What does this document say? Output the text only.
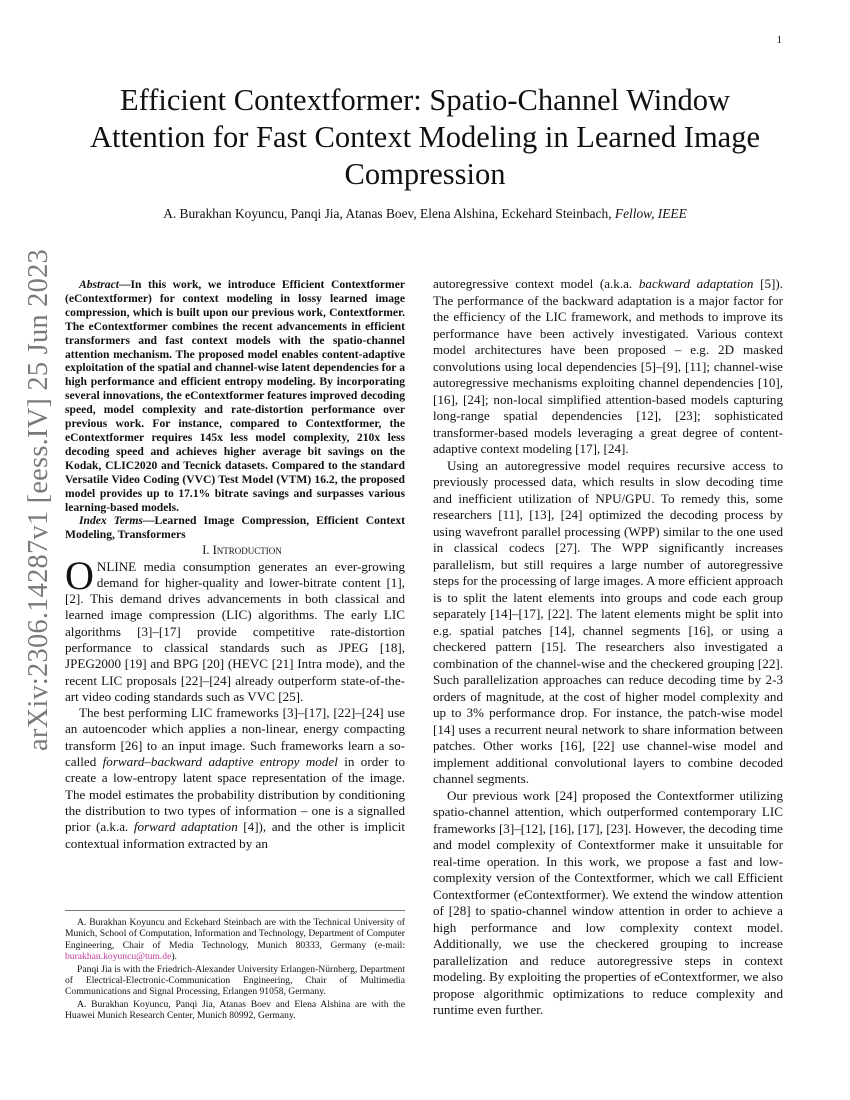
1
arXiv:2306.14287v1 [eess.IV] 25 Jun 2023
Efficient Contextformer: Spatio-Channel Window Attention for Fast Context Modeling in Learned Image Compression
A. Burakhan Koyuncu, Panqi Jia, Atanas Boev, Elena Alshina, Eckehard Steinbach, Fellow, IEEE

Abstract—In this work, we introduce Efficient Contextformer (eContextformer) for context modeling in lossy learned image compression, which is built upon our previous work, Contextformer. The eContextformer combines the recent advancements in efficient transformers and fast context models with the spatio-channel attention mechanism. The proposed model enables content-adaptive exploitation of the spatial and channel-wise latent dependencies for a high performance and efficient entropy modeling. By incorporating several innovations, the eContextformer features improved decoding speed, model complexity and rate-distortion performance over previous work. For instance, compared to Contextformer, the eContextformer requires 145x less model complexity, 210x less decoding speed and achieves higher average bit savings on the Kodak, CLIC2020 and Tecnick datasets. Compared to the standard Versatile Video Coding (VVC) Test Model (VTM) 16.2, the proposed model provides up to 17.1% bitrate savings and surpasses various learning-based models.

Index Terms—Learned Image Compression, Efficient Context Modeling, Transformers

I. Introduction

ONLINE media consumption generates an ever-growing demand for higher-quality and lower-bitrate content [1], [2]. This demand drives advancements in both classical and learned image compression (LIC) algorithms. The early LIC algorithms [3]–[17] provide competitive rate-distortion performance to classical standards such as JPEG [18], JPEG2000 [19] and BPG [20] (HEVC [21] Intra mode), and the recent LIC proposals [22]–[24] already outperform state-of-the-art video coding standards such as VVC [25].

The best performing LIC frameworks [3]–[17], [22]–[24] use an autoencoder which applies a non-linear, energy compacting transform [26] to an input image. Such frameworks learn a so-called forward–backward adaptive entropy model in order to create a low-entropy latent space representation of the image. The model estimates the probability distribution by conditioning the distribution to two types of information – one is a signalled prior (a.k.a. forward adaptation [4]), and the other is implicit contextual information extracted by an

A. Burakhan Koyuncu and Eckehard Steinbach are with the Technical University of Munich, School of Computation, Information and Technology, Department of Computer Engineering, Chair of Media Technology, Munich 80333, Germany (e-mail: burakhan.koyuncu@tum.de).

Panqi Jia is with the Friedrich-Alexander University Erlangen-Nürnberg, Department of Electrical-Electronic-Communication Engineering, Chair of Multimedia Communications and Signal Processing, Erlangen 91058, Germany.

A. Burakhan Koyuncu, Panqi Jia, Atanas Boev and Elena Alshina are with the Huawei Munich Research Center, Munich 80992, Germany.

autoregressive context model (a.k.a. backward adaptation [5]). The performance of the backward adaptation is a major factor for the efficiency of the LIC framework, and methods to improve its performance have been actively investigated. Various context model architectures have been proposed – e.g. 2D masked convolutions using local dependencies [5]–[9], [11]; channel-wise autoregressive mechanisms exploiting channel dependencies [10], [16], [24]; non-local simplified attention-based models capturing long-range spatial dependencies [12], [23]; sophisticated transformer-based models leveraging a great degree of content-adaptive context modeling [17], [24].

Using an autoregressive model requires recursive access to previously processed data, which results in slow decoding time and inefficient utilization of NPU/GPU. To remedy this, some researchers [11], [13], [24] optimized the decoding process by using wavefront parallel processing (WPP) similar to the one used in classical codecs [27]. The WPP significantly increases parallelism, but still requires a large number of autoregressive steps for the processing of large images. A more efficient approach is to split the latent elements into groups and code each group separately [14]–[17], [22]. The latent elements might be split into e.g. spatial patches [14], channel segments [16], or using a checkered pattern [15]. The researchers also investigated a combination of the channel-wise and the checkered grouping [22]. Such parallelization approaches can reduce decoding time by 2-3 orders of magnitude, at the cost of higher model complexity and up to 3% performance drop. For instance, the patch-wise model [14] uses a recurrent neural network to share information between patches. Other works [16], [22] use channel-wise model and implement additional convolutional layers to combine decoded channel segments.

Our previous work [24] proposed the Contextformer utilizing spatio-channel attention, which outperformed contemporary LIC frameworks [3]–[12], [16], [17], [23]. However, the decoding time and model complexity of Contextformer make it unsuitable for real-time operation. In this work, we propose a fast and low-complexity version of the Contextformer, which we call Efficient Contextformer (eContextformer). We extend the window attention of [28] to spatio-channel window attention in order to achieve a high performance and low complexity context model. Additionally, we use the checkered grouping to increase parallelization and reduce autoregressive steps in context modeling. By exploiting the properties of eContextformer, we also propose algorithmic optimizations to reduce complexity and runtime even further.
